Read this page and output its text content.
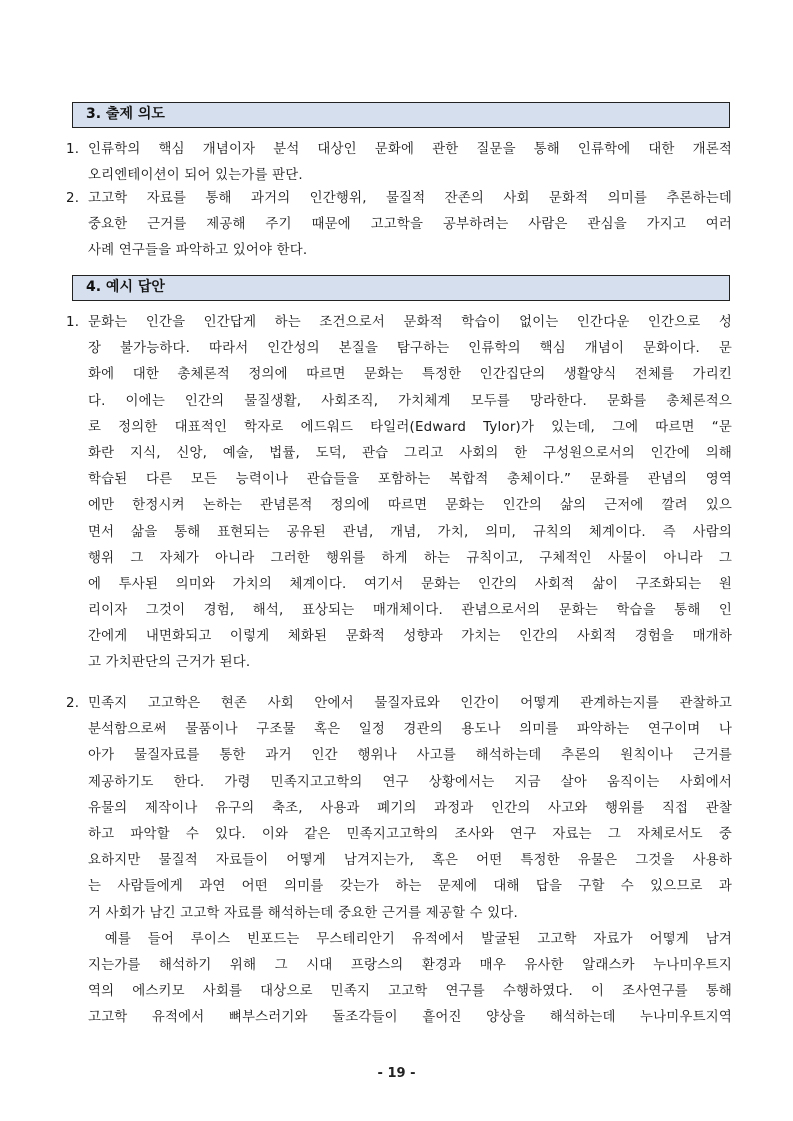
3. 출제 의도
1. 인류학의 핵심 개념이자 분석 대상인 문화에 관한 질문을 통해 인류학에 대한 개론적
오리엔테이션이 되어 있는가를 판단.
2. 고고학 자료를 통해 과거의 인간행위, 물질적 잔존의 사회 문화적 의미를 추론하는데
중요한 근거를 제공해 주기 때문에 고고학을 공부하려는 사람은 관심을 가지고 여러
사례 연구들을 파악하고 있어야 한다.
4. 예시 답안
1. 문화는 인간을 인간답게 하는 조건으로서 문화적 학습이 없이는 인간다운 인간으로 성
장 불가능하다. 따라서 인간성의 본질을 탐구하는 인류학의 핵심 개념이 문화이다. 문
화에 대한 총체론적 정의에 따르면 문화는 특정한 인간집단의 생활양식 전체를 가리킨
다. 이에는 인간의 물질생활, 사회조직, 가치체계 모두를 망라한다. 문화를 총체론적으
로 정의한 대표적인 학자로 에드워드 타일러(Edward Tylor)가 있는데, 그에 따르면 “문
화란 지식, 신앙, 예술, 법률, 도덕, 관습 그리고 사회의 한 구성원으로서의 인간에 의해
학습된 다른 모든 능력이나 관습들을 포함하는 복합적 총체이다.” 문화를 관념의 영역
에만 한정시켜 논하는 관념론적 정의에 따르면 문화는 인간의 삶의 근저에 깔려 있으
면서 삶을 통해 표현되는 공유된 관념, 개념, 가치, 의미, 규칙의 체계이다. 즉 사람의
행위 그 자체가 아니라 그러한 행위를 하게 하는 규칙이고, 구체적인 사물이 아니라 그
에 투사된 의미와 가치의 체계이다. 여기서 문화는 인간의 사회적 삶이 구조화되는 원
리이자 그것이 경험, 해석, 표상되는 매개체이다. 관념으로서의 문화는 학습을 통해 인
간에게 내면화되고 이렇게 체화된 문화적 성향과 가치는 인간의 사회적 경험을 매개하
고 가치판단의 근거가 된다.
2. 민족지 고고학은 현존 사회 안에서 물질자료와 인간이 어떻게 관계하는지를 관찰하고
분석함으로써 물품이나 구조물 혹은 일정 경관의 용도나 의미를 파악하는 연구이며 나
아가 물질자료를 통한 과거 인간 행위나 사고를 해석하는데 추론의 원칙이나 근거를
제공하기도 한다. 가령 민족지고고학의 연구 상황에서는 지금 살아 움직이는 사회에서
유물의 제작이나 유구의 축조, 사용과 폐기의 과정과 인간의 사고와 행위를 직접 관찰
하고 파악할 수 있다. 이와 같은 민족지고고학의 조사와 연구 자료는 그 자체로서도 중
요하지만 물질적 자료들이 어떻게 남겨지는가, 혹은 어떤 특정한 유물은 그것을 사용하
는 사람들에게 과연 어떤 의미를 갖는가 하는 문제에 대해 답을 구할 수 있으므로 과
거 사회가 남긴 고고학 자료를 해석하는데 중요한 근거를 제공할 수 있다.
예를 들어 루이스 빈포드는 무스테리안기 유적에서 발굴된 고고학 자료가 어떻게 남겨
지는가를 해석하기 위해 그 시대 프랑스의 환경과 매우 유사한 알래스카 누나미우트지
역의 에스키모 사회를 대상으로 민족지 고고학 연구를 수행하였다. 이 조사연구를 통해
고고학 유적에서 뼈부스러기와 돌조각들이 흩어진 양상을 해석하는데 누나미우트지역
- 19 -
